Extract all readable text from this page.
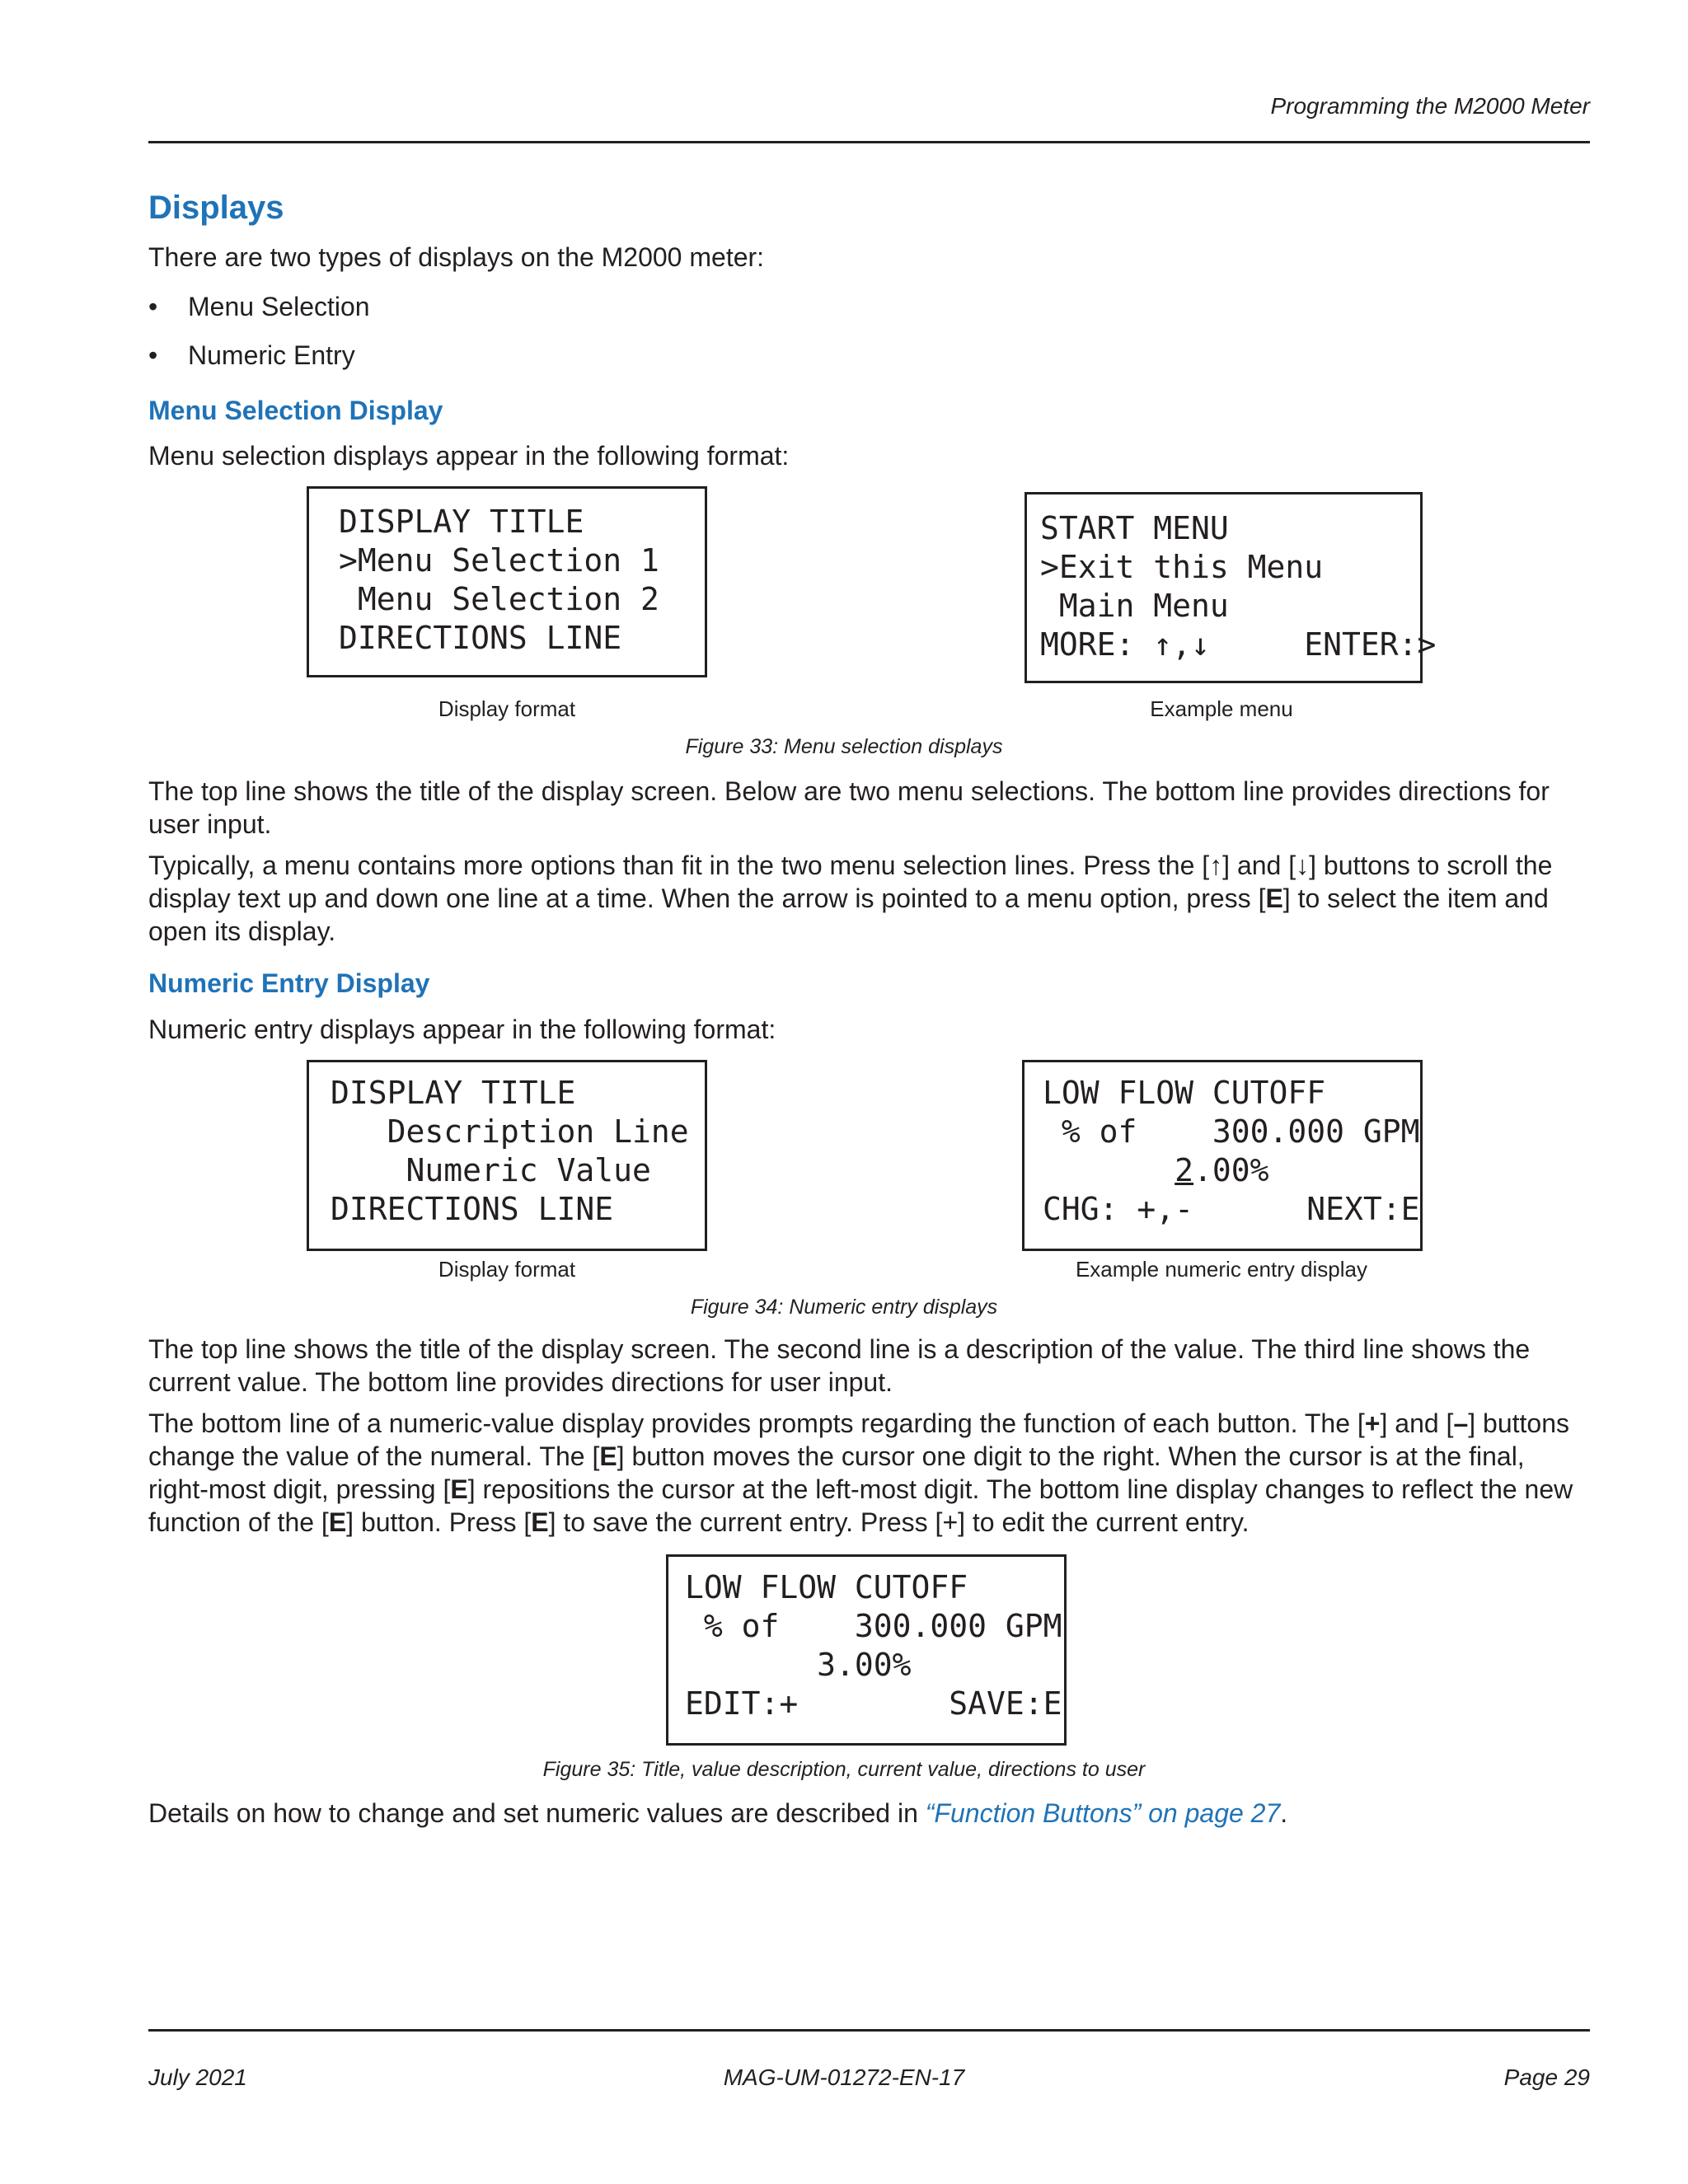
Programming the M2000 Meter
Displays
There are two types of displays on the M2000 meter:
• Menu Selection
• Numeric Entry
Menu Selection Display
Menu selection displays appear in the following format:
DISPLAY TITLE
>Menu Selection 1
Menu Selection 2
DIRECTIONS LINE
Display format
START MENU
>Exit this Menu
Main Menu
MORE: ↑,↓     ENTER:>
Example menu
Figure 33: Menu selection displays
The top line shows the title of the display screen. Below are two menu selections. The bottom line provides directions for user input.
Typically, a menu contains more options than fit in the two menu selection lines. Press the [↑] and [↓] buttons to scroll the display text up and down one line at a time. When the arrow is pointed to a menu option, press [E] to select the item and open its display.
Numeric Entry Display
Numeric entry displays appear in the following format:
DISPLAY TITLE
Description Line
Numeric Value
DIRECTIONS LINE
Display format
LOW FLOW CUTOFF
% of    300.000 GPM
2.00%
CHG: +,-      NEXT:E
Example numeric entry display
Figure 34: Numeric entry displays
The top line shows the title of the display screen. The second line is a description of the value. The third line shows the current value. The bottom line provides directions for user input.
The bottom line of a numeric-value display provides prompts regarding the function of each button. The [+] and [–] buttons change the value of the numeral. The [E] button moves the cursor one digit to the right. When the cursor is at the final, right-most digit, pressing [E] repositions the cursor at the left-most digit. The bottom line display changes to reflect the new function of the [E] button. Press [E] to save the current entry. Press [+] to edit the current entry.
LOW FLOW CUTOFF
% of    300.000 GPM
3.00%
EDIT:+        SAVE:E
Figure 35: Title, value description, current value, directions to user
Details on how to change and set numeric values are described in “Function Buttons” on page 27.
July 2021	MAG-UM-01272-EN-17	Page 29
